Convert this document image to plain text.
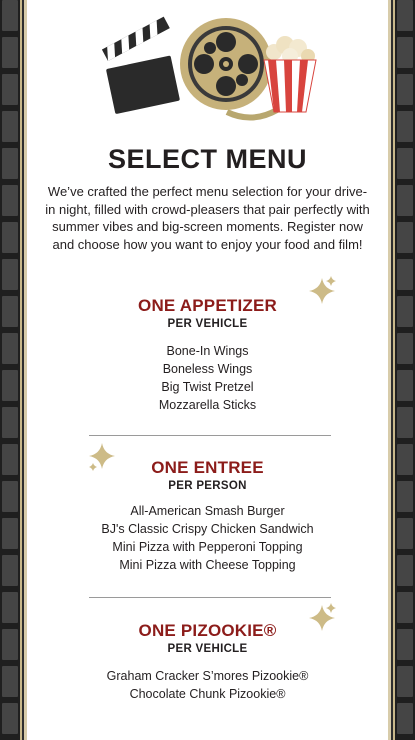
SELECT MENU
We’ve crafted the perfect menu selection for your drive-in night, filled with crowd-pleasers that pair perfectly with summer vibes and big-screen moments. Register now and choose how you want to enjoy your food and film!
ONE APPETIZER
PER VEHICLE
Bone-In Wings
Boneless Wings
Big Twist Pretzel
Mozzarella Sticks
ONE ENTREE
PER PERSON
All-American Smash Burger
BJ's Classic Crispy Chicken Sandwich
Mini Pizza with Pepperoni Topping
Mini Pizza with Cheese Topping
ONE PIZOOKIE®
PER VEHICLE
Graham Cracker S’mores Pizookie®
Chocolate Chunk Pizookie®
